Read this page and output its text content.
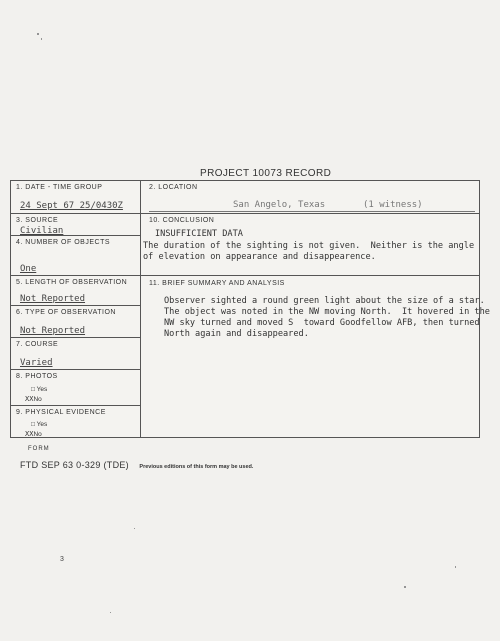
PROJECT 10073 RECORD
1. DATE - TIME GROUP
24 Sept 67 25/0430Z
3. SOURCE
Civilian
4. NUMBER OF OBJECTS
One
5. LENGTH OF OBSERVATION
Not Reported
6. TYPE OF OBSERVATION
Not Reported
7. COURSE
Varied
8. PHOTOS
□ Yes
XXNo
9. PHYSICAL EVIDENCE
□ Yes
XXNo
2. LOCATION
San Angelo, Texas	(1 witness)
10. CONCLUSION
INSUFFICIENT DATA
The duration of the sighting is not given.  Neither is the angle
of elevation on appearance and disappearence.
11. BRIEF SUMMARY AND ANALYSIS
Observer sighted a round green light about the size of a star.
The object was noted in the NW moving North.  It hovered in the
NW sky turned and moved S  toward Goodfellow AFB, then turned
North again and disappeared.
FORM
FTD SEP 63 0-329 (TDE) Previous editions of this form may be used.
3
